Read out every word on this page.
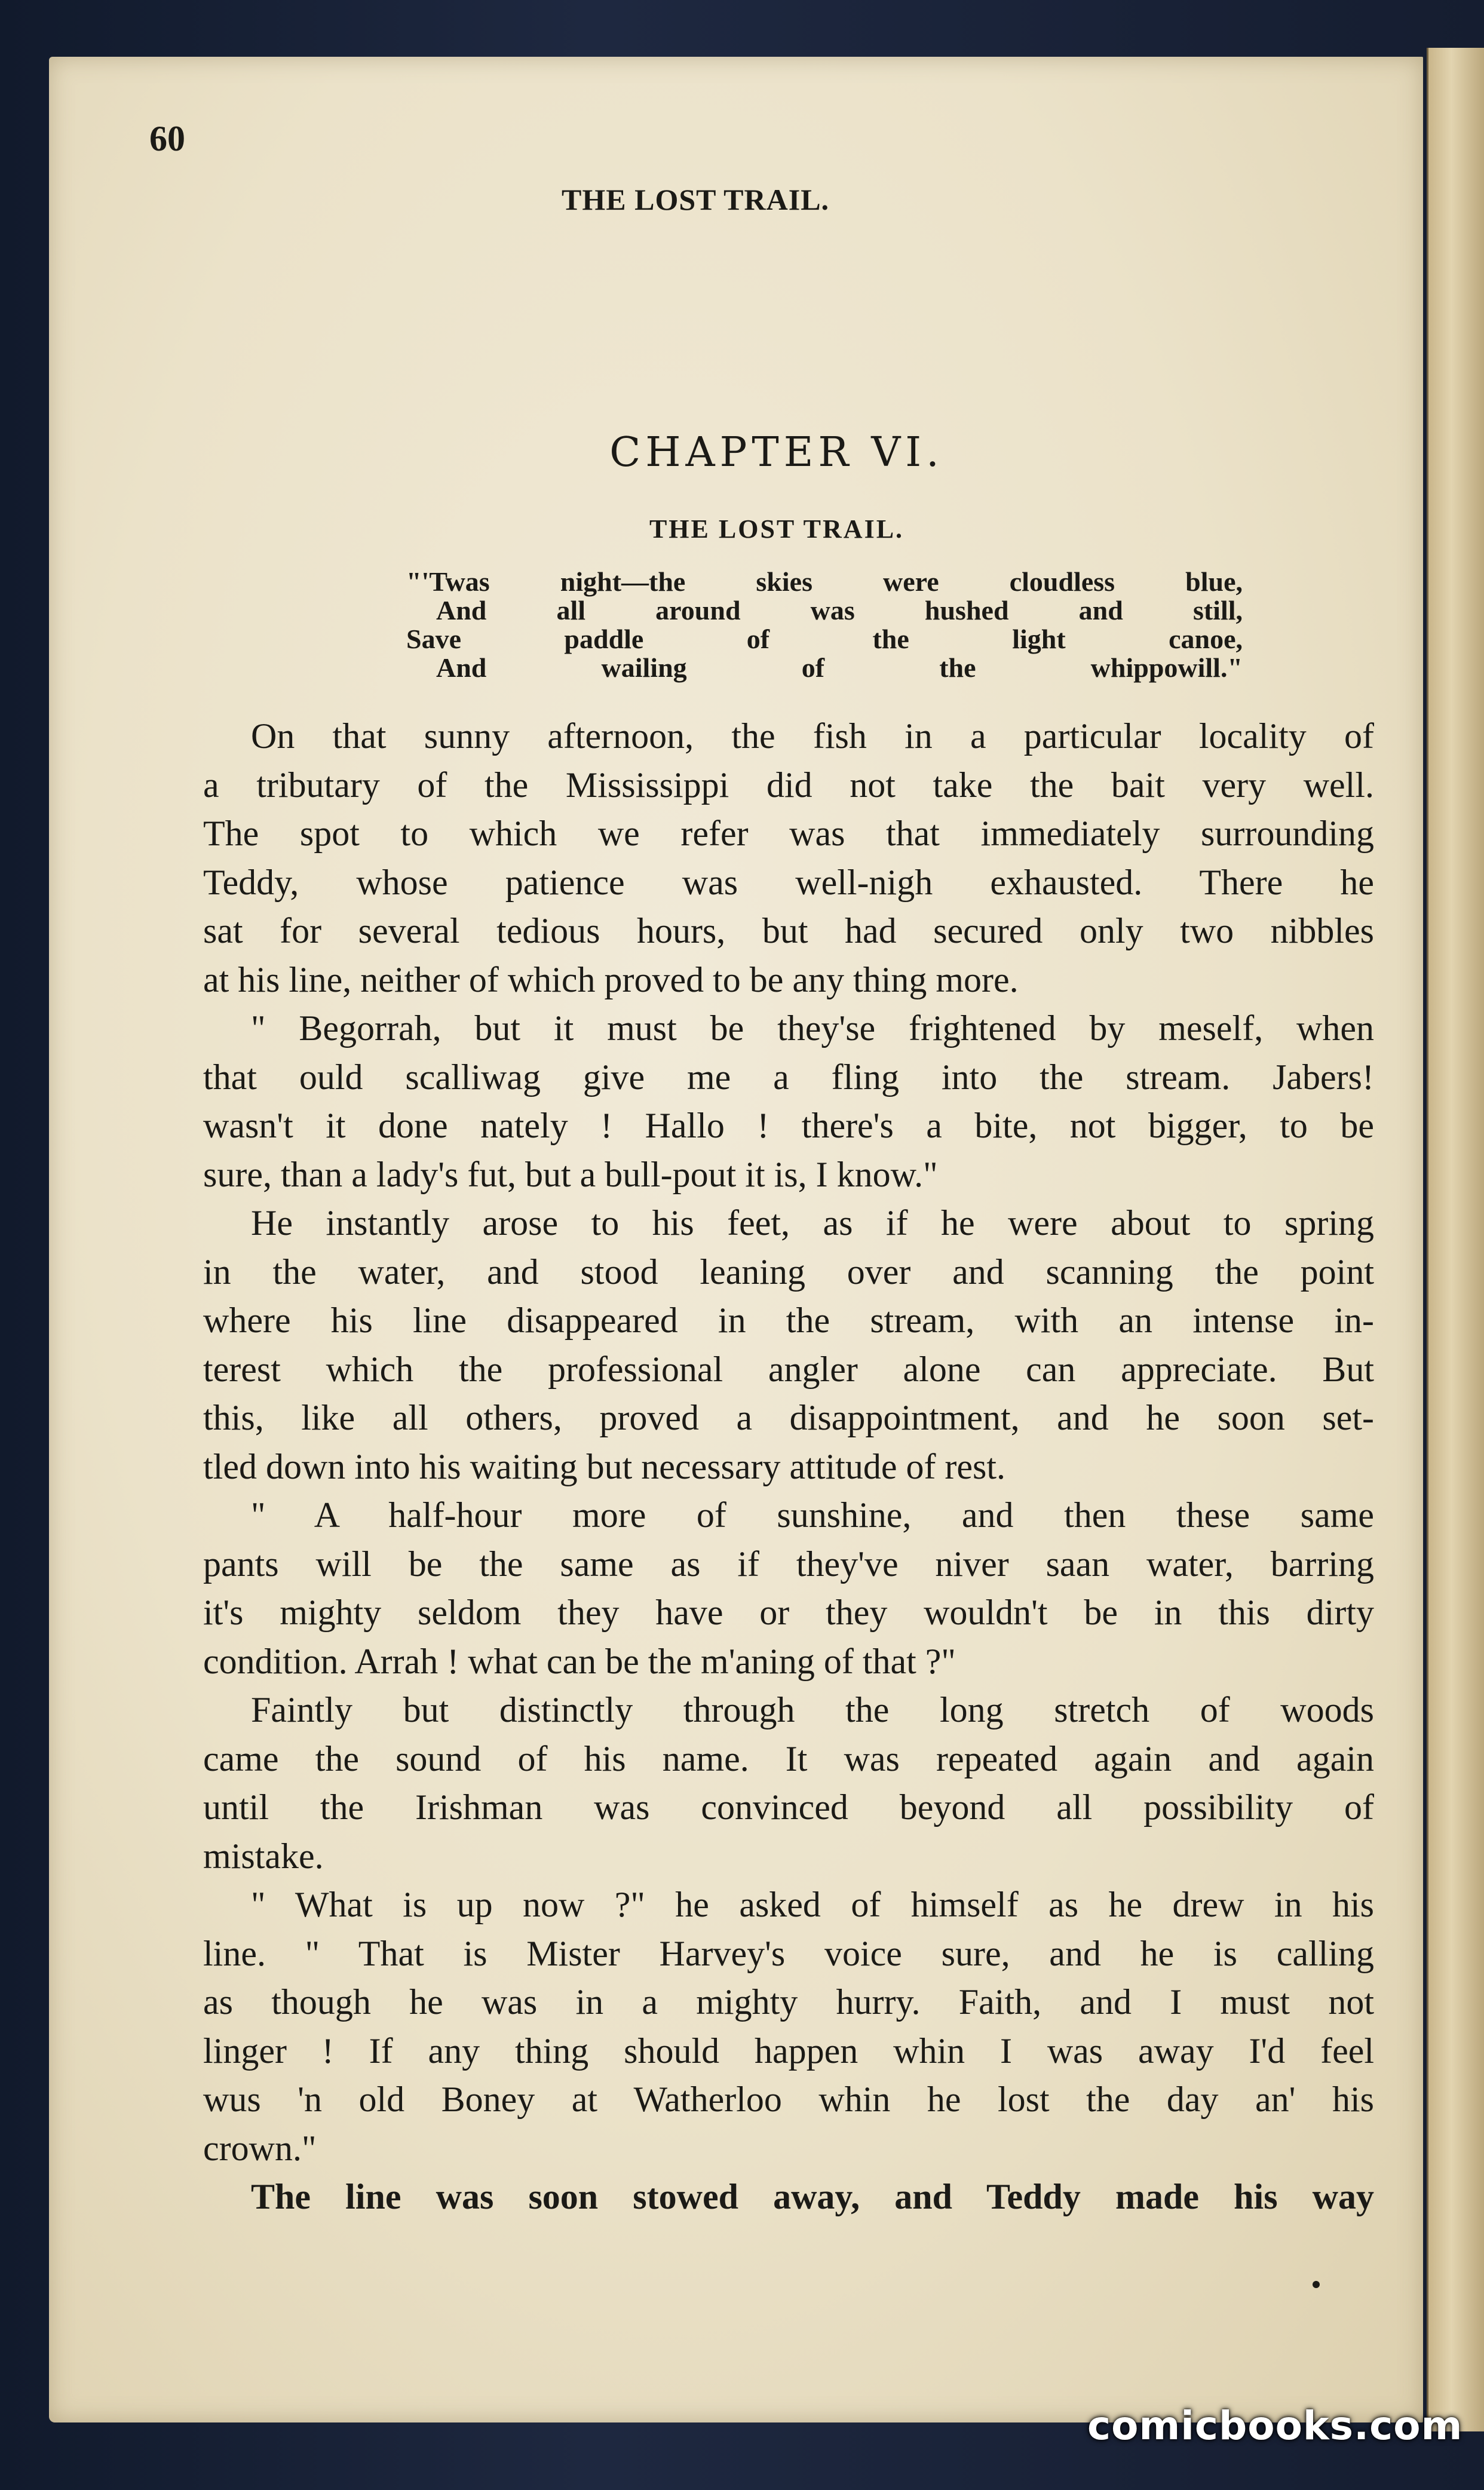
60
THE LOST TRAIL.
CHAPTER VI.
THE LOST TRAIL.
"'Twas night—the skies were cloudless blue,
And all around was hushed and still,
Save paddle of the light canoe,
And wailing of the whippowill."
On that sunny afternoon, the fish in a particular locality of
a tributary of the Mississippi did not take the bait very well.
The spot to which we refer was that immediately surrounding
Teddy, whose patience was well-nigh exhausted. There he
sat for several tedious hours, but had secured only two nibbles
at his line, neither of which proved to be any thing more.
" Begorrah, but it must be they'se frightened by meself, when
that ould scalliwag give me a fling into the stream. Jabers!
wasn't it done nately ! Hallo ! there's a bite, not bigger, to be
sure, than a lady's fut, but a bull-pout it is, I know."
He instantly arose to his feet, as if he were about to spring
in the water, and stood leaning over and scanning the point
where his line disappeared in the stream, with an intense in-
terest which the professional angler alone can appreciate. But
this, like all others, proved a disappointment, and he soon set-
tled down into his waiting but necessary attitude of rest.
" A half-hour more of sunshine, and then these same
pants will be the same as if they've niver saan water, barring
it's mighty seldom they have or they wouldn't be in this dirty
condition. Arrah ! what can be the m'aning of that ?"
Faintly but distinctly through the long stretch of woods
came the sound of his name. It was repeated again and again
until the Irishman was convinced beyond all possibility of
mistake.
" What is up now ?" he asked of himself as he drew in his
line. " That is Mister Harvey's voice sure, and he is calling
as though he was in a mighty hurry. Faith, and I must not
linger ! If any thing should happen whin I was away I'd feel
wus 'n old Boney at Watherloo whin he lost the day an' his
crown."
The line was soon stowed away, and Teddy made his way
comicbooks.com
